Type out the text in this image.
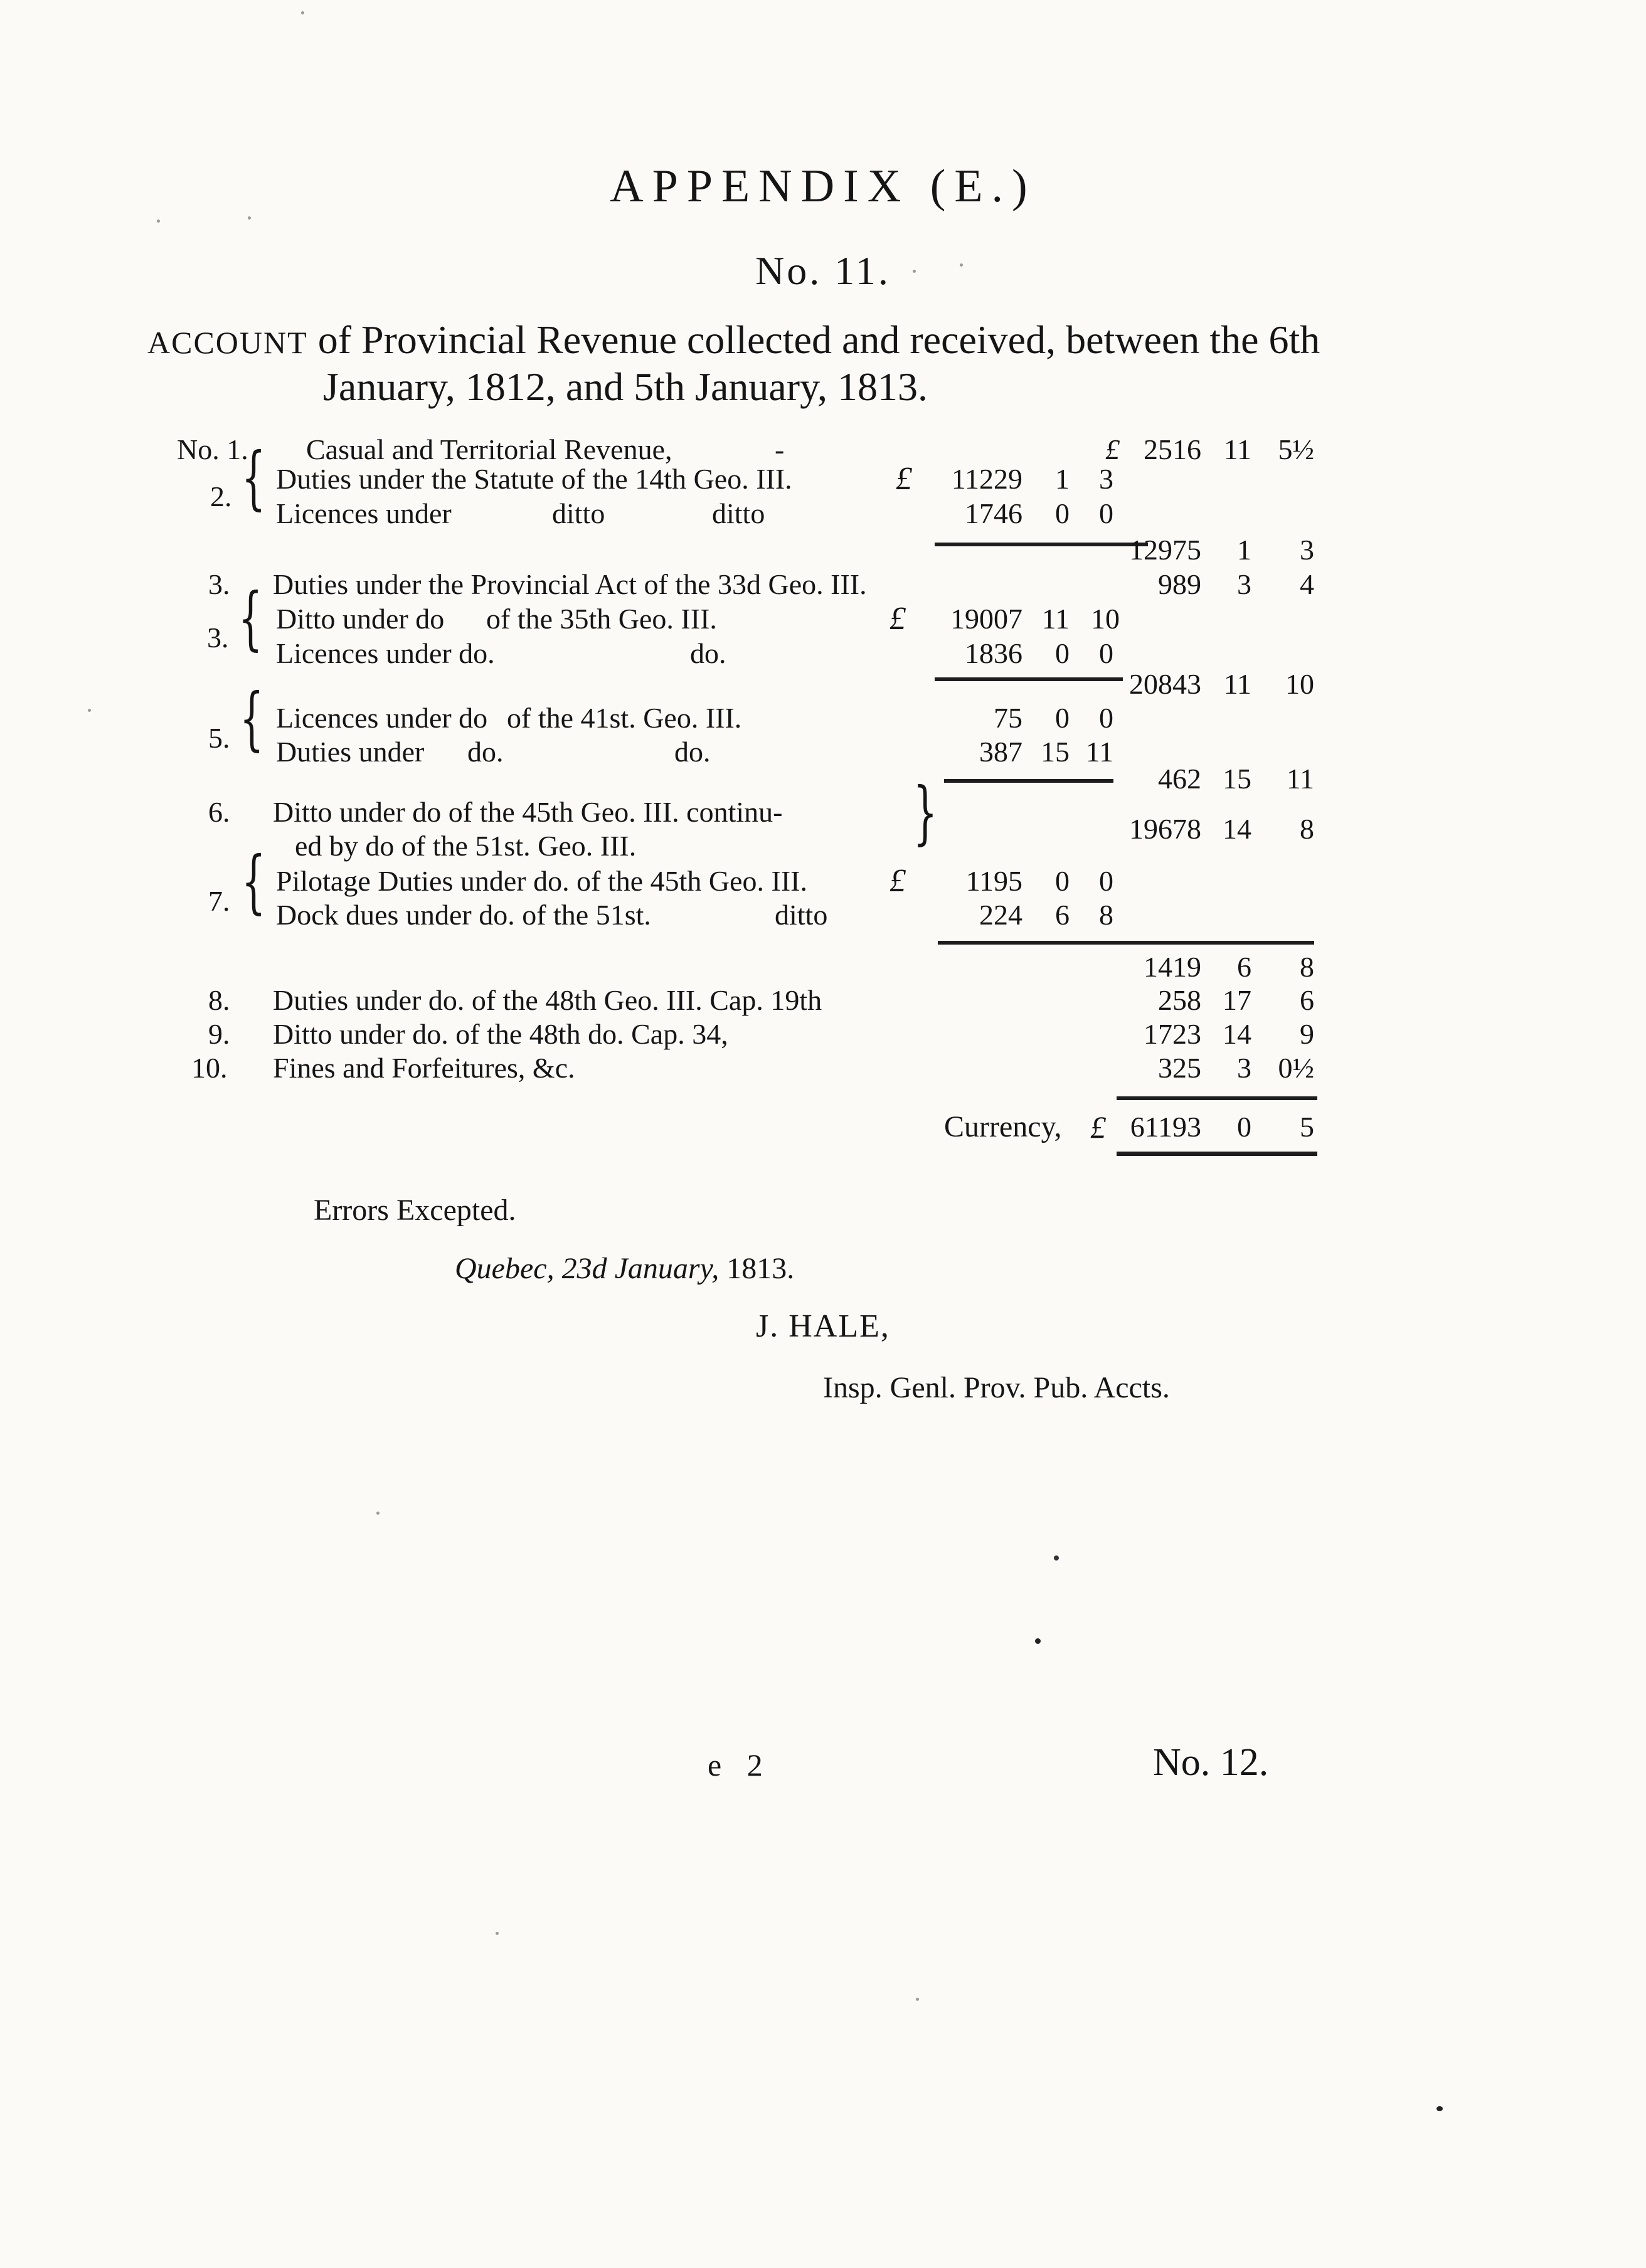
APPENDIX (E.)
No. 11.
ACCOUNT of Provincial Revenue collected and received, between the 6th
January, 1812, and 5th January, 1813.
No. 1. Casual and Territorial Revenue,	-	£ 2516 11 5½
2. { Duties under the Statute of the 14th Geo. III.	£	11229	1	3
Licences under	ditto	ditto	1746	0	0
12975	1	3
3. Duties under the Provincial Act of the 33d Geo. III.	989	3	4
3. { Ditto under do of the 35th Geo. III.	£	19007 11 10
Licences under do.	do.	1836	0	0
20843 11	10
5. { Licences under do of the 41st. Geo. III.	75	0	0
Duties under do.	do.	387 15 11
462 15	11
6. Ditto under do of the 45th Geo. III. continu-
ed by do of the 51st. Geo. III.	{	19678 14	8
7. { Pilotage Duties under do. of the 45th Geo. III.	£	1195	0	0
Dock dues under do. of the 51st.	ditto	224	6	8
1419	6	8
8. Duties under do. of the 48th Geo. III. Cap. 19th	258 17	6
9. Ditto under do. of the 48th do. Cap. 34,	1723 14	9
10. Fines and Forfeitures, &c.	325	3 0½
Currency, £ 61193	0	5
Errors Excepted.
Quebec, 23d January, 1813.
J. HALE,
Insp. Genl. Prov. Pub. Accts.
e 2	No. 12.
